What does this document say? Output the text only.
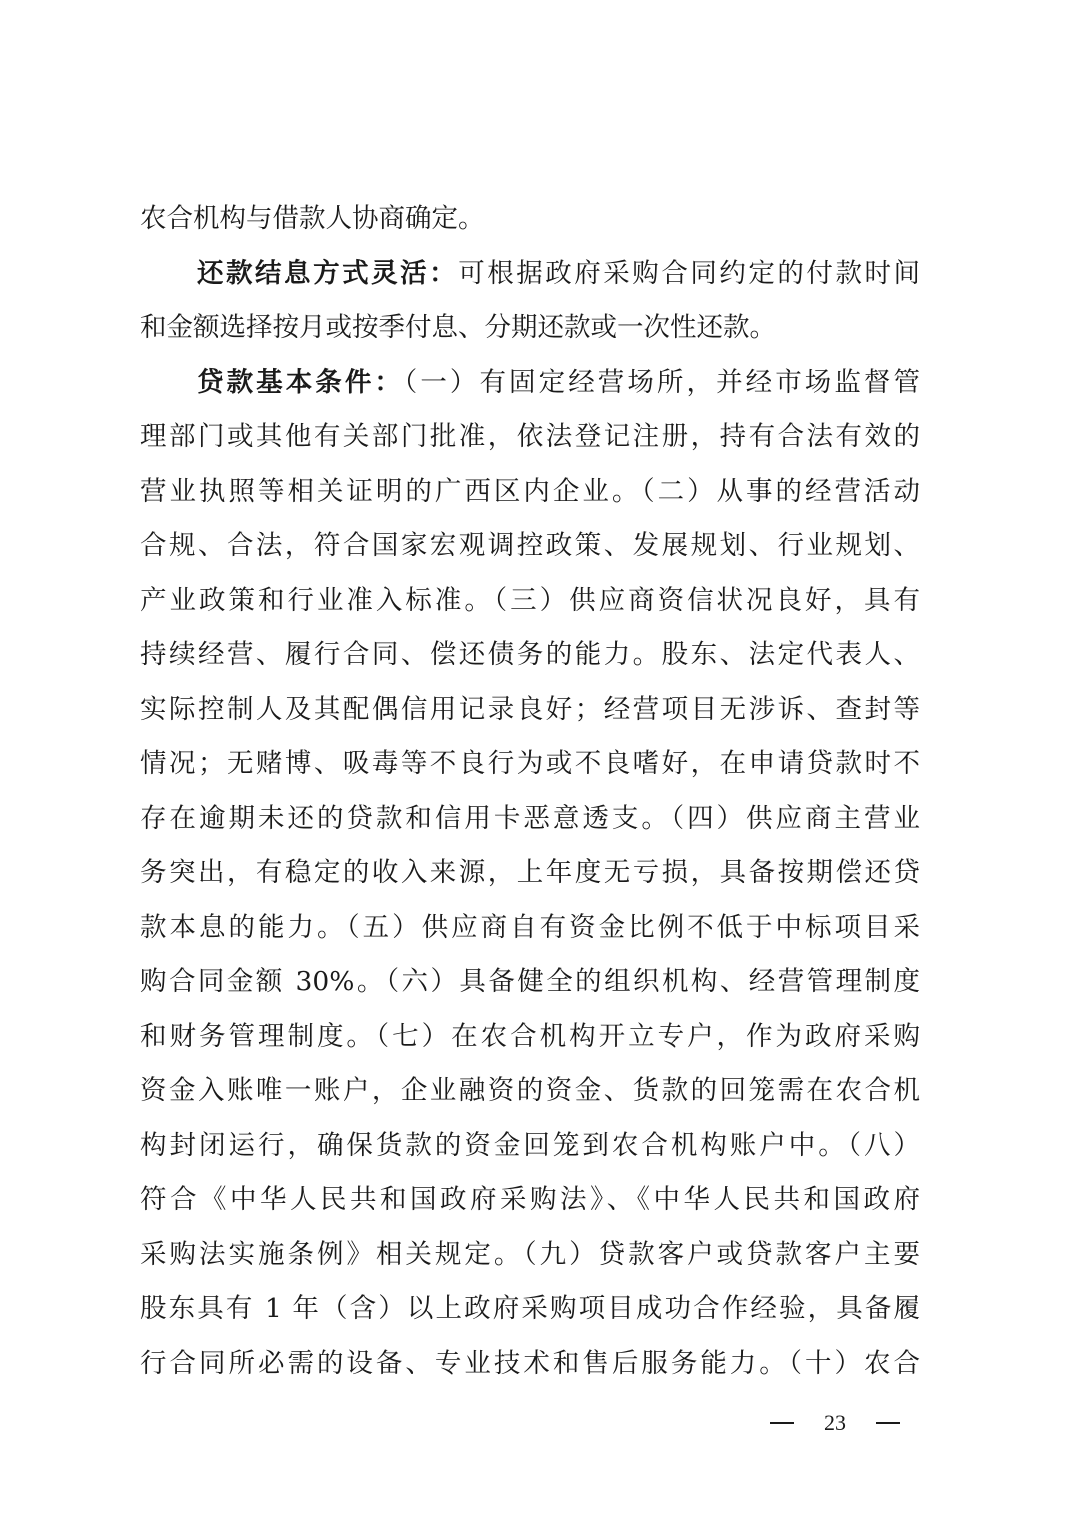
农合机构与借款人协商确定。
还款结息方式灵活：可根据政府采购合同约定的付款时间
和金额选择按月或按季付息、分期还款或一次性还款。
贷款基本条件：（一）有固定经营场所，并经市场监督管
理部门或其他有关部门批准，依法登记注册，持有合法有效的
营业执照等相关证明的广西区内企业。（二）从事的经营活动
合规、合法，符合国家宏观调控政策、发展规划、行业规划、
产业政策和行业准入标准。（三）供应商资信状况良好，具有
持续经营、履行合同、偿还债务的能力。股东、法定代表人、
实际控制人及其配偶信用记录良好；经营项目无涉诉、查封等
情况；无赌博、吸毒等不良行为或不良嗜好，在申请贷款时不
存在逾期未还的贷款和信用卡恶意透支。（四）供应商主营业
务突出，有稳定的收入来源，上年度无亏损，具备按期偿还贷
款本息的能力。（五）供应商自有资金比例不低于中标项目采
购合同金额 30%。（六）具备健全的组织机构、经营管理制度
和财务管理制度。（七）在农合机构开立专户，作为政府采购
资金入账唯一账户，企业融资的资金、货款的回笼需在农合机
构封闭运行，确保货款的资金回笼到农合机构账户中。（八）
符合《中华人民共和国政府采购法》、《中华人民共和国政府
采购法实施条例》相关规定。（九）贷款客户或贷款客户主要
股东具有 1 年（含）以上政府采购项目成功合作经验，具备履
行合同所必需的设备、专业技术和售后服务能力。（十）农合
23
